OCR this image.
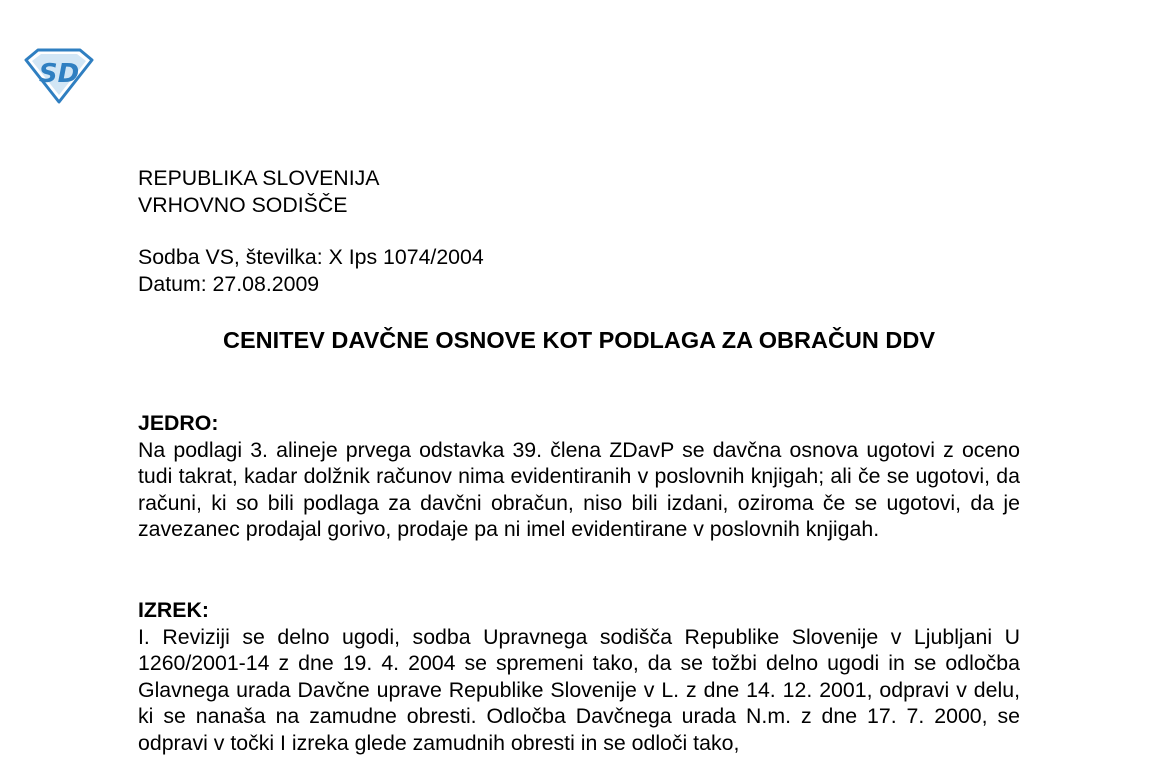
SD
REPUBLIKA SLOVENIJA
VRHOVNO SODIŠČE
Sodba VS, številka: X Ips 1074/2004
Datum: 27.08.2009
CENITEV DAVČNE OSNOVE KOT PODLAGA ZA OBRAČUN DDV
JEDRO:

Na podlagi 3. alineje prvega odstavka 39. člena ZDavP se davčna osnova ugotovi z oceno tudi takrat, kadar dolžnik računov nima evidentiranih v poslovnih knjigah; ali če se ugotovi, da računi, ki so bili podlaga za davčni obračun, niso bili izdani, oziroma če se ugotovi, da je zavezanec prodajal gorivo, prodaje pa ni imel evidentirane v poslovnih knjigah.

IZREK:

I. Reviziji se delno ugodi, sodba Upravnega sodišča Republike Slovenije v Ljubljani U 1260/2001-14 z dne 19. 4. 2004 se spremeni tako, da se tožbi delno ugodi in se odločba Glavnega urada Davčne uprave Republike Slovenije v L. z dne 14. 12. 2001, odpravi v delu, ki se nanaša na zamudne obresti. Odločba Davčnega urada N.m. z dne 17. 7. 2000, se odpravi v točki I izreka glede zamudnih obresti in se odloči tako,
